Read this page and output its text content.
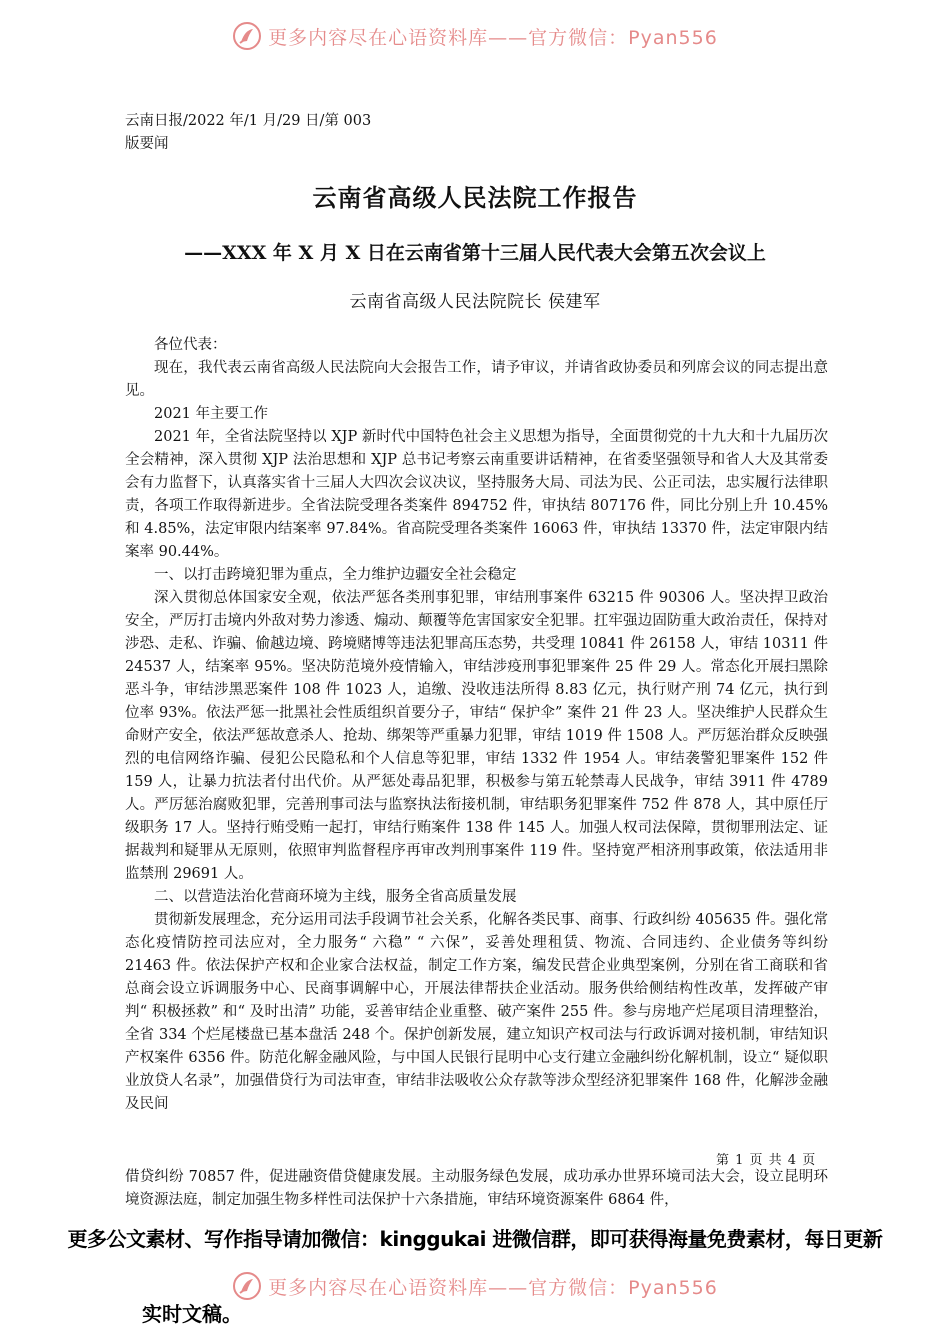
更多内容尽在心语资料库——官方微信：Pyan556
云南日报/2022 年/1 月/29 日/第 003
版要闻
云南省高级人民法院工作报告
——XXX 年 X 月 X 日在云南省第十三届人民代表大会第五次会议上
云南省高级人民法院院长 侯建军

各位代表：

现在，我代表云南省高级人民法院向大会报告工作，请予审议，并请省政协委员和列席会议的同志提出意见。

2021 年主要工作

2021 年，全省法院坚持以 XJP 新时代中国特色社会主义思想为指导，全面贯彻党的十九大和十九届历次全会精神，深入贯彻 XJP 法治思想和 XJP 总书记考察云南重要讲话精神，在省委坚强领导和省人大及其常委会有力监督下，认真落实省十三届人大四次会议决议，坚持服务大局、司法为民、公正司法，忠实履行法律职责，各项工作取得新进步。全省法院受理各类案件 894752 件，审执结 807176 件，同比分别上升 10.45%和 4.85%，法定审限内结案率 97.84%。省高院受理各类案件 16063 件，审执结 13370 件，法定审限内结案率 90.44%。

一、以打击跨境犯罪为重点，全力维护边疆安全社会稳定

深入贯彻总体国家安全观，依法严惩各类刑事犯罪，审结刑事案件 63215 件 90306 人。坚决捍卫政治安全，严厉打击境内外敌对势力渗透、煽动、颠覆等危害国家安全犯罪。扛牢强边固防重大政治责任，保持对涉恐、走私、诈骗、偷越边境、跨境赌博等违法犯罪高压态势，共受理 10841 件 26158 人，审结 10311 件 24537 人，结案率 95%。坚决防范境外疫情输入，审结涉疫刑事犯罪案件 25 件 29 人。常态化开展扫黑除恶斗争，审结涉黑恶案件 108 件 1023 人，追缴、没收违法所得 8.83 亿元，执行财产刑 74 亿元，执行到位率 93%。依法严惩一批黑社会性质组织首要分子，审结“ 保护伞” 案件 21 件 23 人。坚决维护人民群众生命财产安全，依法严惩故意杀人、抢劫、绑架等严重暴力犯罪，审结 1019 件 1508 人。严厉惩治群众反映强烈的电信网络诈骗、侵犯公民隐私和个人信息等犯罪，审结 1332 件 1954 人。审结袭警犯罪案件 152 件 159 人，让暴力抗法者付出代价。从严惩处毒品犯罪，积极参与第五轮禁毒人民战争，审结 3911 件 4789 人。严厉惩治腐败犯罪，完善刑事司法与监察执法衔接机制，审结职务犯罪案件 752 件 878 人，其中原任厅级职务 17 人。坚持行贿受贿一起打，审结行贿案件 138 件 145 人。加强人权司法保障，贯彻罪刑法定、证据裁判和疑罪从无原则，依照审判监督程序再审改判刑事案件 119 件。坚持宽严相济刑事政策，依法适用非监禁刑 29691 人。

二、以营造法治化营商环境为主线，服务全省高质量发展

贯彻新发展理念，充分运用司法手段调节社会关系，化解各类民事、商事、行政纠纷 405635 件。强化常态化疫情防控司法应对，全力服务“ 六稳” “ 六保”，妥善处理租赁、物流、合同违约、企业债务等纠纷 21463 件。依法保护产权和企业家合法权益，制定工作方案，编发民营企业典型案例，分别在省工商联和省总商会设立诉调服务中心、民商事调解中心，开展法律帮扶企业活动。服务供给侧结构性改革，发挥破产审判“ 积极拯救” 和“ 及时出清” 功能，妥善审结企业重整、破产案件 255 件。参与房地产烂尾项目清理整治，全省 334 个烂尾楼盘已基本盘活 248 个。保护创新发展，建立知识产权司法与行政诉调对接机制，审结知识产权案件 6356 件。防范化解金融风险，与中国人民银行昆明中心支行建立金融纠纷化解机制，设立“ 疑似职业放贷人名录”，加强借贷行为司法审查，审结非法吸收公众存款等涉众型经济犯罪案件 168 件，化解涉金融及民间

第 1 页 共 4 页
借贷纠纷 70857 件，促进融资借贷健康发展。主动服务绿色发展，成功承办世界环境司法大会，设立昆明环境资源法庭，制定加强生物多样性司法保护十六条措施，审结环境资源案件 6864 件，
更多公文素材、写作指导请加微信：kinggukai 进微信群，即可获得海量免费素材，每日更新
更多内容尽在心语资料库——官方微信：Pyan556
实时文稿。
